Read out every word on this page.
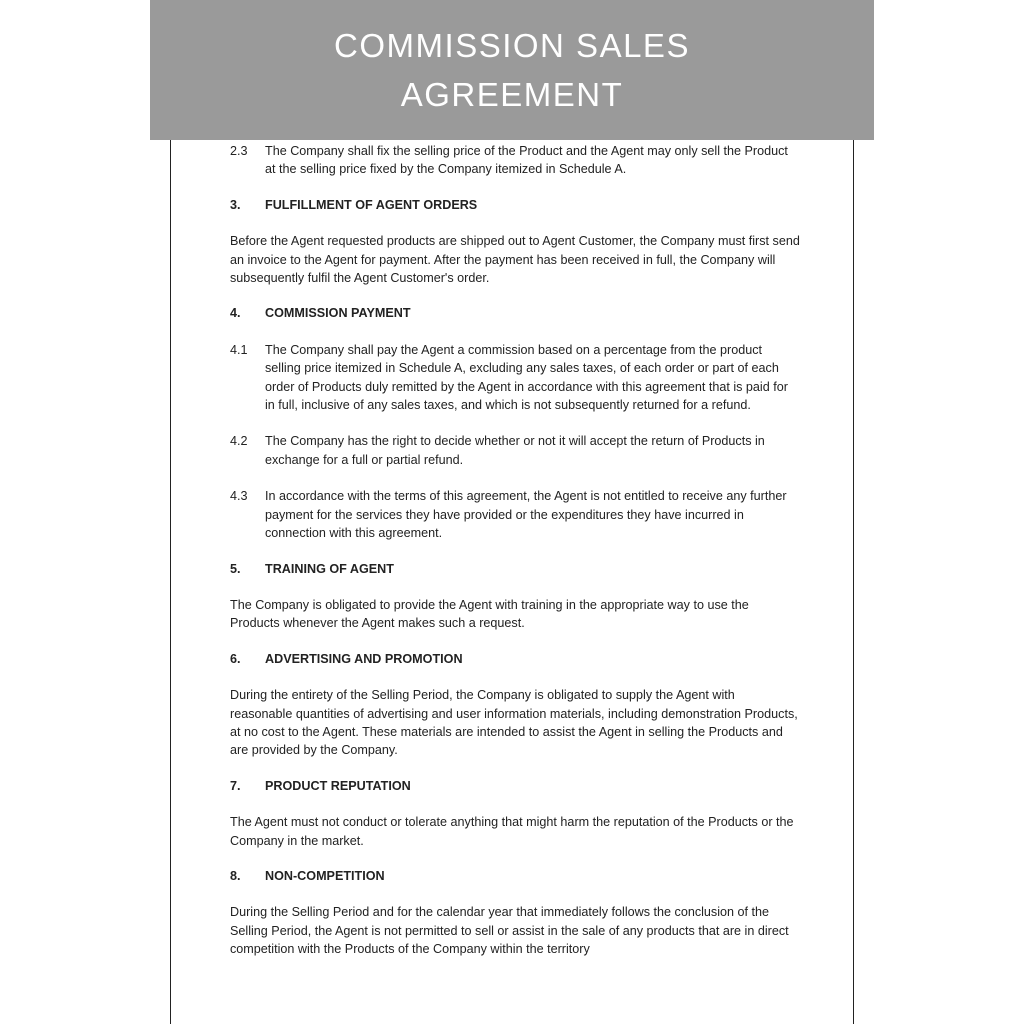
COMMISSION SALES
AGREEMENT
2.3	The Company shall fix the selling price of the Product and the Agent may only sell the Product at the selling price fixed by the Company itemized in Schedule A.
3.	FULFILLMENT OF AGENT ORDERS

Before the Agent requested products are shipped out to Agent Customer, the Company must first send an invoice to the Agent for payment. After the payment has been received in full, the Company will subsequently fulfil the Agent Customer's order.

4.	COMMISSION PAYMENT
4.1	The Company shall pay the Agent a commission based on a percentage from the product selling price itemized in Schedule A, excluding any sales taxes, of each order or part of each order of Products duly remitted by the Agent in accordance with this agreement that is paid for in full, inclusive of any sales taxes, and which is not subsequently returned for a refund.
4.2	The Company has the right to decide whether or not it will accept the return of Products in exchange for a full or partial refund.
4.3	In accordance with the terms of this agreement, the Agent is not entitled to receive any further payment for the services they have provided or the expenditures they have incurred in connection with this agreement.
5.	TRAINING OF AGENT

The Company is obligated to provide the Agent with training in the appropriate way to use the Products whenever the Agent makes such a request.

6.	ADVERTISING AND PROMOTION

During the entirety of the Selling Period, the Company is obligated to supply the Agent with reasonable quantities of advertising and user information materials, including demonstration Products, at no cost to the Agent. These materials are intended to assist the Agent in selling the Products and are provided by the Company.

7.	PRODUCT REPUTATION

The Agent must not conduct or tolerate anything that might harm the reputation of the Products or the Company in the market.

8.	NON-COMPETITION

During the Selling Period and for the calendar year that immediately follows the conclusion of the Selling Period, the Agent is not permitted to sell or assist in the sale of any products that are in direct competition with the Products of the Company within the territory
